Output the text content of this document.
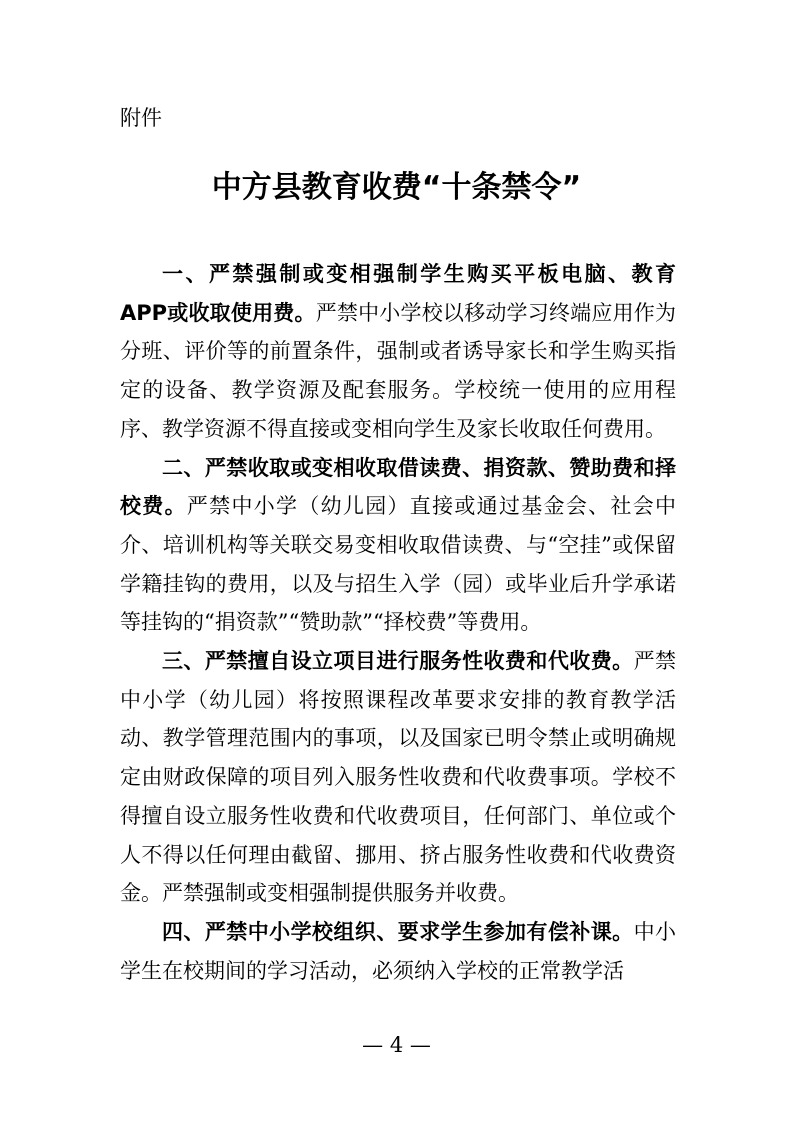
附件

中方县教育收费“十条禁令”

一、严禁强制或变相强制学生购买平板电脑、教育 APP或收取使用费。严禁中小学校以移动学习终端应用作为分班、评价等的前置条件，强制或者诱导家长和学生购买指定的设备、教学资源及配套服务。学校统一使用的应用程序、教学资源不得直接或变相向学生及家长收取任何费用。

二、严禁收取或变相收取借读费、捐资款、赞助费和择校费。严禁中小学（幼儿园）直接或通过基金会、社会中介、培训机构等关联交易变相收取借读费、与“空挂”或保留学籍挂钩的费用，以及与招生入学（园）或毕业后升学承诺等挂钩的“捐资款”“赞助款”“择校费”等费用。

三、严禁擅自设立项目进行服务性收费和代收费。严禁中小学（幼儿园）将按照课程改革要求安排的教育教学活动、教学管理范围内的事项，以及国家已明令禁止或明确规定由财政保障的项目列入服务性收费和代收费事项。学校不得擅自设立服务性收费和代收费项目，任何部门、单位或个人不得以任何理由截留、挪用、挤占服务性收费和代收费资金。严禁强制或变相强制提供服务并收费。

四、严禁中小学校组织、要求学生参加有偿补课。中小学生在校期间的学习活动，必须纳入学校的正常教学活

— 4 —
